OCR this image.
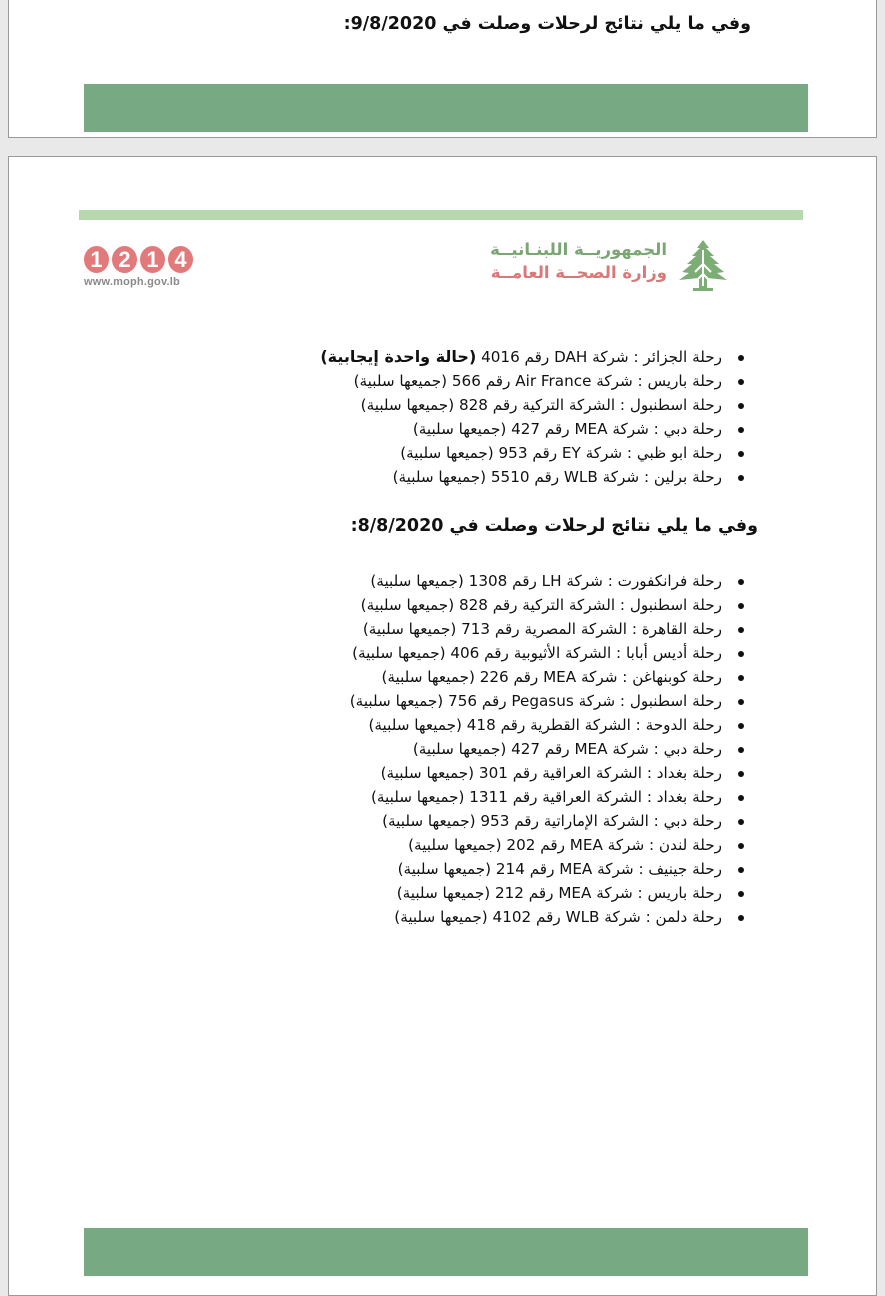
وفي ما يلي نتائج لرحلات وصلت في 9/8/2020:
1 2 1 4
www.moph.gov.lb
الجمهوريــة اللبنـانيــة
وزارة الصحــة العامــة
رحلة الجزائر : شركة DAH رقم 4016 (حالة واحدة إيجابية)
رحلة باريس : شركة Air France رقم 566 (جميعها سلبية)
رحلة اسطنبول : الشركة التركية رقم 828 (جميعها سلبية)
رحلة دبي : شركة MEA رقم 427 (جميعها سلبية)
رحلة ابو ظبي : شركة EY رقم 953 (جميعها سلبية)
رحلة برلين : شركة WLB رقم 5510 (جميعها سلبية)
وفي ما يلي نتائج لرحلات وصلت في 8/8/2020:
رحلة فرانكفورت : شركة LH رقم 1308 (جميعها سلبية)
رحلة اسطنبول : الشركة التركية رقم 828 (جميعها سلبية)
رحلة القاهرة : الشركة المصرية رقم 713 (جميعها سلبية)
رحلة أديس أبابا : الشركة الأثيوبية رقم 406 (جميعها سلبية)
رحلة كوبنهاغن : شركة MEA رقم 226 (جميعها سلبية)
رحلة اسطنبول : شركة Pegasus رقم 756 (جميعها سلبية)
رحلة الدوحة : الشركة القطرية رقم 418 (جميعها سلبية)
رحلة دبي : شركة MEA رقم 427 (جميعها سلبية)
رحلة بغداد : الشركة العراقية رقم 301 (جميعها سلبية)
رحلة بغداد : الشركة العراقية رقم 1311 (جميعها سلبية)
رحلة دبي : الشركة الإماراتية رقم 953 (جميعها سلبية)
رحلة لندن : شركة MEA رقم 202 (جميعها سلبية)
رحلة جينيف : شركة MEA رقم 214 (جميعها سلبية)
رحلة باريس : شركة MEA رقم 212 (جميعها سلبية)
رحلة دلمن : شركة WLB رقم 4102 (جميعها سلبية)
